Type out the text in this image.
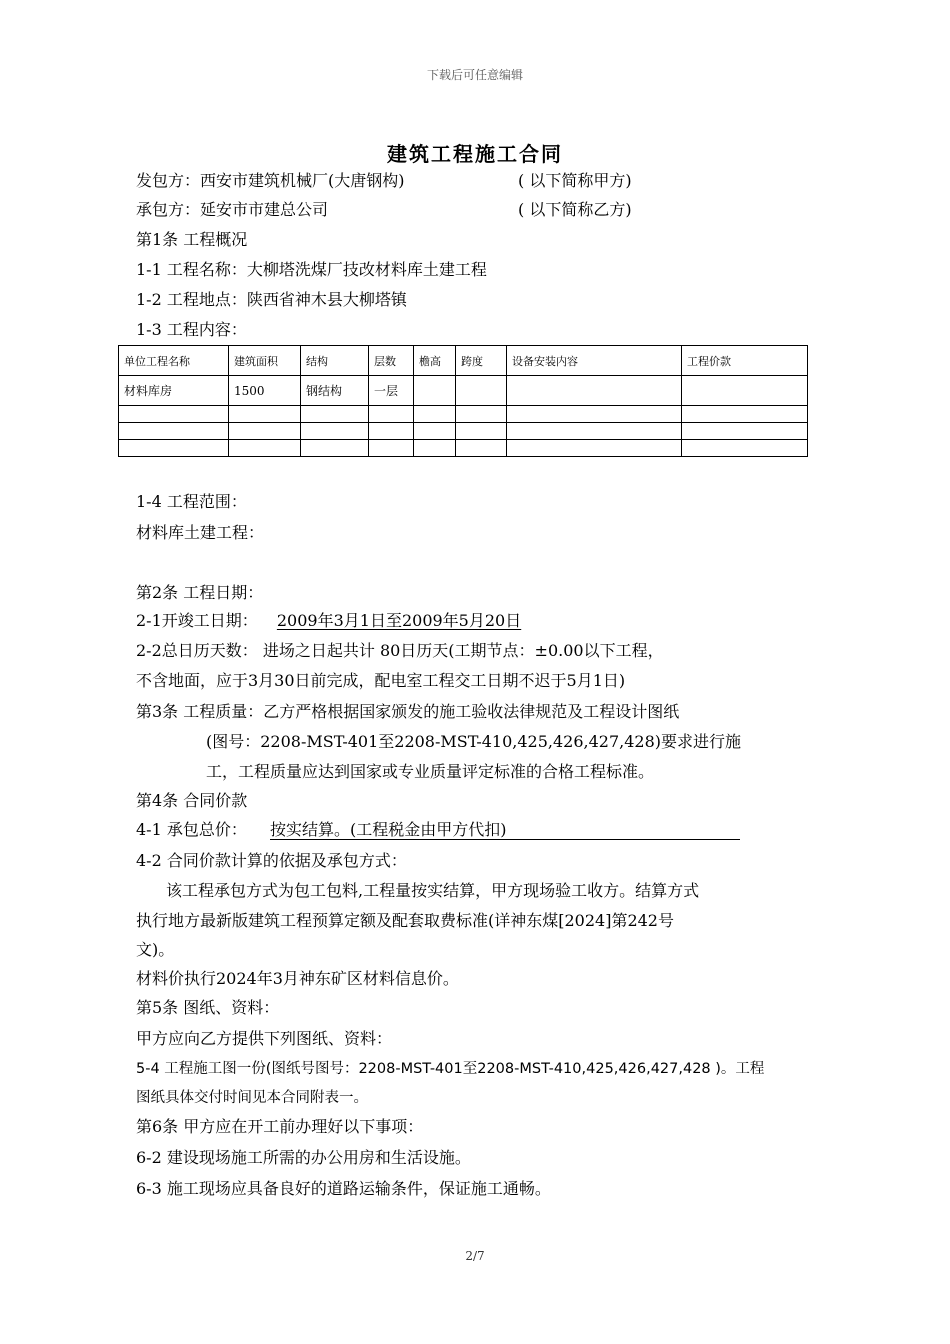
下载后可任意编辑
建筑工程施工合同
发包方：西安市建筑机械厂(大唐钢构)	( 以下简称甲方)
承包方：延安市市建总公司	( 以下简称乙方)
第1条 工程概况
1-1 工程名称：大柳塔洗煤厂技改材料库土建工程
1-2 工程地点：陕西省神木县大柳塔镇
1-3 工程内容：
单位工程名称	建筑面积	结构	层数	檐高	跨度	设备安装内容	工程价款
材料库房	1500	钢结构	一层				

1-4 工程范围：
材料库土建工程：
第2条 工程日期：
2-1开竣工日期： 2009年3月1日至2009年5月20日
2-2总日历天数： 进场之日起共计 80日历天(工期节点：±0.00以下工程，
不含地面，应于3月30日前完成，配电室工程交工日期不迟于5月1日)
第3条 工程质量：乙方严格根据国家颁发的施工验收法律规范及工程设计图纸
(图号：2208-MST-401至2208-MST-410,425,426,427,428)要求进行施
工，工程质量应达到国家或专业质量评定标准的合格工程标准。
第4条 合同价款
4-1 承包总价： 按实结算。(工程税金由甲方代扣)
4-2 合同价款计算的依据及承包方式：
该工程承包方式为包工包料,工程量按实结算，甲方现场验工收方。结算方式
执行地方最新版建筑工程预算定额及配套取费标准(详神东煤[2024]第242号
文)。
材料价执行2024年3月神东矿区材料信息价。
第5条 图纸、资料：
甲方应向乙方提供下列图纸、资料：
5-4 工程施工图一份(图纸号图号：2208-MST-401至2208-MST-410,425,426,427,428 )。工程
图纸具体交付时间见本合同附表一。
第6条 甲方应在开工前办理好以下事项：
6-2 建设现场施工所需的办公用房和生活设施。
6-3 施工现场应具备良好的道路运输条件，保证施工通畅。
2/7
